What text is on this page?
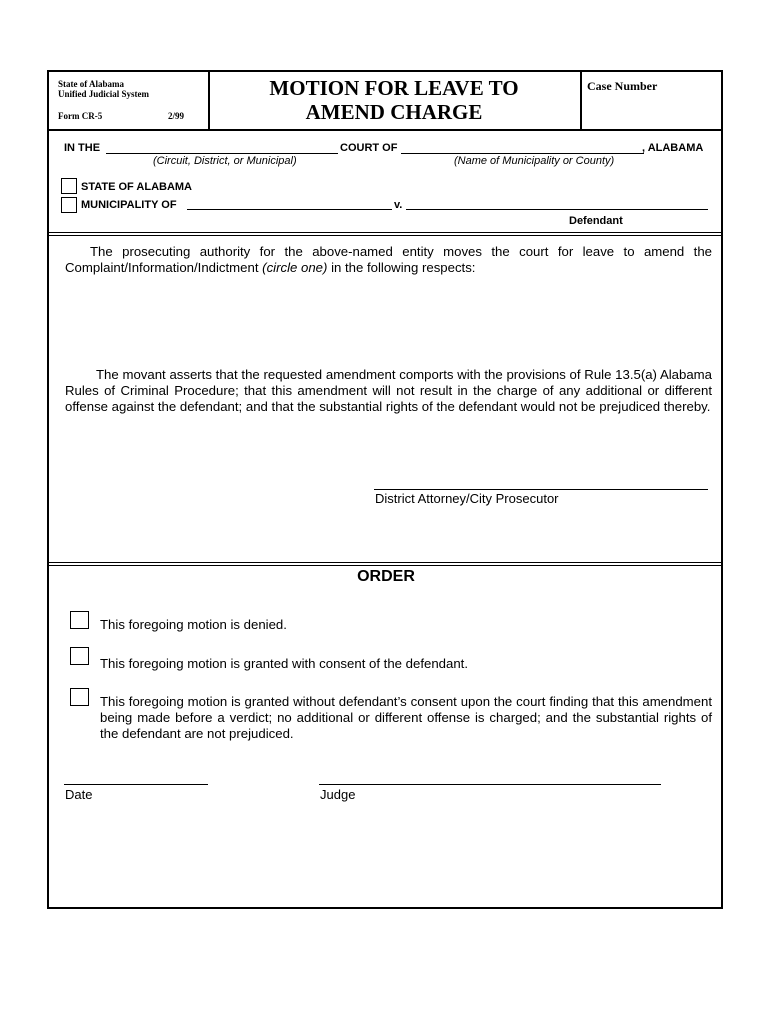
State of Alabama
Unified Judicial System
Form CR-5	2/99
MOTION FOR LEAVE TO
AMEND CHARGE
Case Number
IN THE	COURT OF	, ALABAMA
(Circuit, District, or Municipal)	(Name of Municipality or County)
STATE OF ALABAMA
MUNICIPALITY OF	v.
Defendant
The prosecuting authority for the above-named entity moves the court for leave to amend the Complaint/Information/Indictment (circle one) in the following respects:
The movant asserts that the requested amendment comports with the provisions of Rule 13.5(a) Alabama Rules of Criminal Procedure; that this amendment will not result in the charge of any additional or different offense against the defendant; and that the substantial rights of the defendant would not be prejudiced thereby.
District Attorney/City Prosecutor
ORDER
This foregoing motion is denied.
This foregoing motion is granted with consent of the defendant.
This foregoing motion is granted without defendant’s consent upon the court finding that this amendment being made before a verdict; no additional or different offense is charged; and the substantial rights of the defendant are not prejudiced.
Date	Judge
